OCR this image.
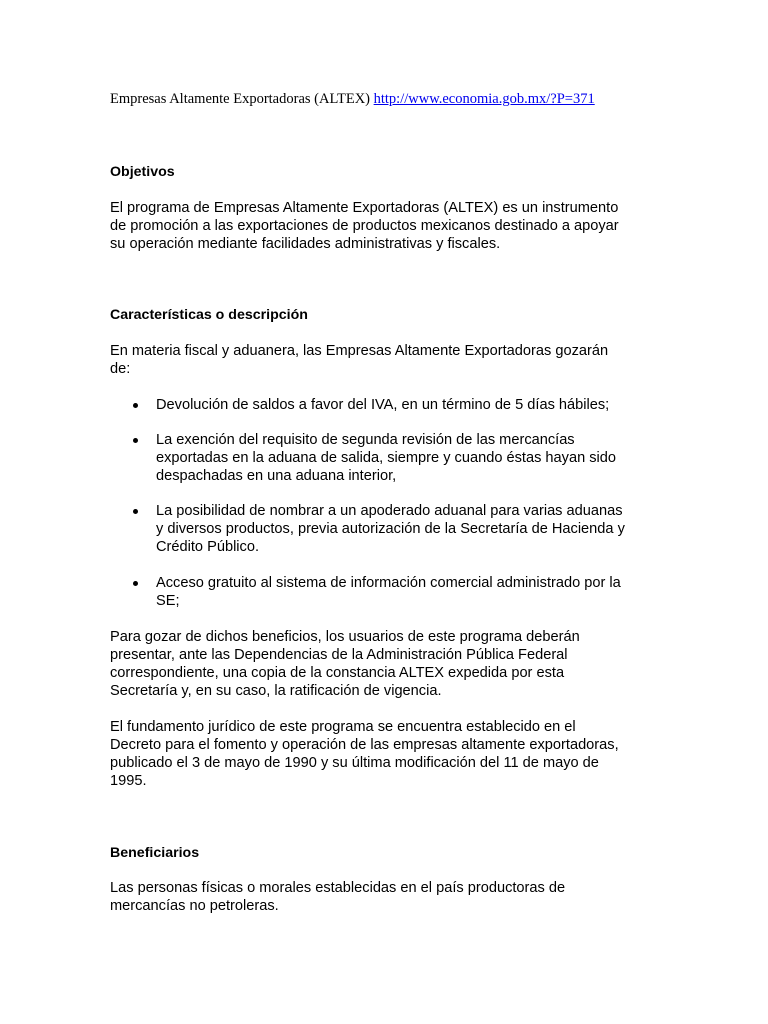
Empresas Altamente Exportadoras (ALTEX) http://www.economia.gob.mx/?P=371
Objetivos
El programa de Empresas Altamente Exportadoras (ALTEX) es un instrumento
de promoción a las exportaciones de productos mexicanos destinado a apoyar
su operación mediante facilidades administrativas y fiscales.
Características o descripción
En materia fiscal y aduanera, las Empresas Altamente Exportadoras gozarán
de:
Devolución de saldos a favor del IVA, en un término de 5 días hábiles;
La exención del requisito de segunda revisión de las mercancías
exportadas en la aduana de salida, siempre y cuando éstas hayan sido
despachadas en una aduana interior,
La posibilidad de nombrar a un apoderado aduanal para varias aduanas
y diversos productos, previa autorización de la Secretaría de Hacienda y
Crédito Público.
Acceso gratuito al sistema de información comercial administrado por la
SE;
Para gozar de dichos beneficios, los usuarios de este programa deberán
presentar, ante las Dependencias de la Administración Pública Federal
correspondiente, una copia de la constancia ALTEX expedida por esta
Secretaría y, en su caso, la ratificación de vigencia.
El fundamento jurídico de este programa se encuentra establecido en el
Decreto para el fomento y operación de las empresas altamente exportadoras,
publicado el 3 de mayo de 1990 y su última modificación del 11 de mayo de
1995.
Beneficiarios
Las personas físicas o morales establecidas en el país productoras de
mercancías no petroleras.
